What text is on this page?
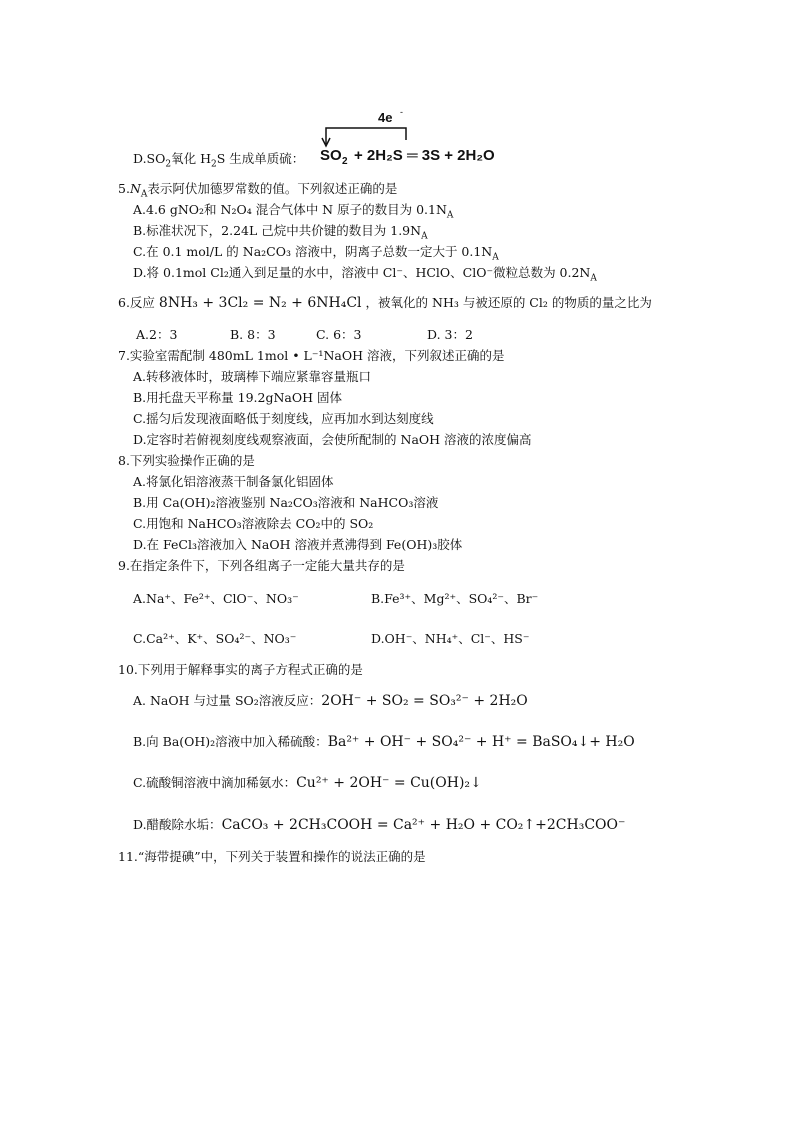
$D.SO_2$氧化 $H_2S$ 生成单质硫：
4e -
SO 2 + 2H₂S ═ 3S + 2H₂O
$5.N_A$表示阿伏加德罗常数的值。下列叙述正确的是
A.4.6 gNO₂和 N₂O₄ 混合气体中 N 原子的数目为 $0.1N_A$
B.标准状况下，2.24L 己烷中共价键的数目为 $1.9N_A$
C.在 0.1 mol/L 的 Na₂CO₃ 溶液中，阴离子总数一定大于 $0.1N_A$
D.将 0.1mol Cl₂通入到足量的水中，溶液中 Cl⁻、HClO、ClO⁻微粒总数为 $0.2N_A$
6.反应 8NH₃ + 3Cl₂ = N₂ + 6NH₄Cl ，被氧化的 NH₃ 与被还原的 Cl₂ 的物质的量之比为
A.2：3	B. 8：3	C. 6：3	D. 3：2
7.实验室需配制 480mL 1mol • L⁻¹NaOH 溶液，下列叙述正确的是
A.转移液体时，玻璃棒下端应紧靠容量瓶口
B.用托盘天平称量 19.2gNaOH 固体
C.摇匀后发现液面略低于刻度线，应再加水到达刻度线
D.定容时若俯视刻度线观察液面，会使所配制的 NaOH 溶液的浓度偏高
8.下列实验操作正确的是
A.将氯化铝溶液蒸干制备氯化铝固体
B.用 Ca(OH)₂溶液鉴别 Na₂CO₃溶液和 NaHCO₃溶液
C.用饱和 NaHCO₃溶液除去 CO₂中的 SO₂
D.在 FeCl₃溶液加入 NaOH 溶液并煮沸得到 Fe(OH)₃胶体
9.在指定条件下，下列各组离子一定能大量共存的是
A.Na⁺、Fe²⁺、ClO⁻、NO₃⁻	B.Fe³⁺、Mg²⁺、SO₄²⁻、Br⁻
C.Ca²⁺、K⁺、SO₄²⁻、NO₃⁻	D.OH⁻、NH₄⁺、Cl⁻、HS⁻
10.下列用于解释事实的离子方程式正确的是
A. NaOH 与过量 SO₂溶液反应：2OH⁻ + SO₂ = SO₃²⁻ + 2H₂O
B.向 Ba(OH)₂溶液中加入稀硫酸：Ba²⁺ + OH⁻ + SO₄²⁻ + H⁺ = BaSO₄↓+ H₂O
C.硫酸铜溶液中滴加稀氨水：Cu²⁺ + 2OH⁻ = Cu(OH)₂↓
D.醋酸除水垢：CaCO₃ + 2CH₃COOH = Ca²⁺ + H₂O + CO₂↑+2CH₃COO⁻
11.“海带提碘”中，下列关于装置和操作的说法正确的是
